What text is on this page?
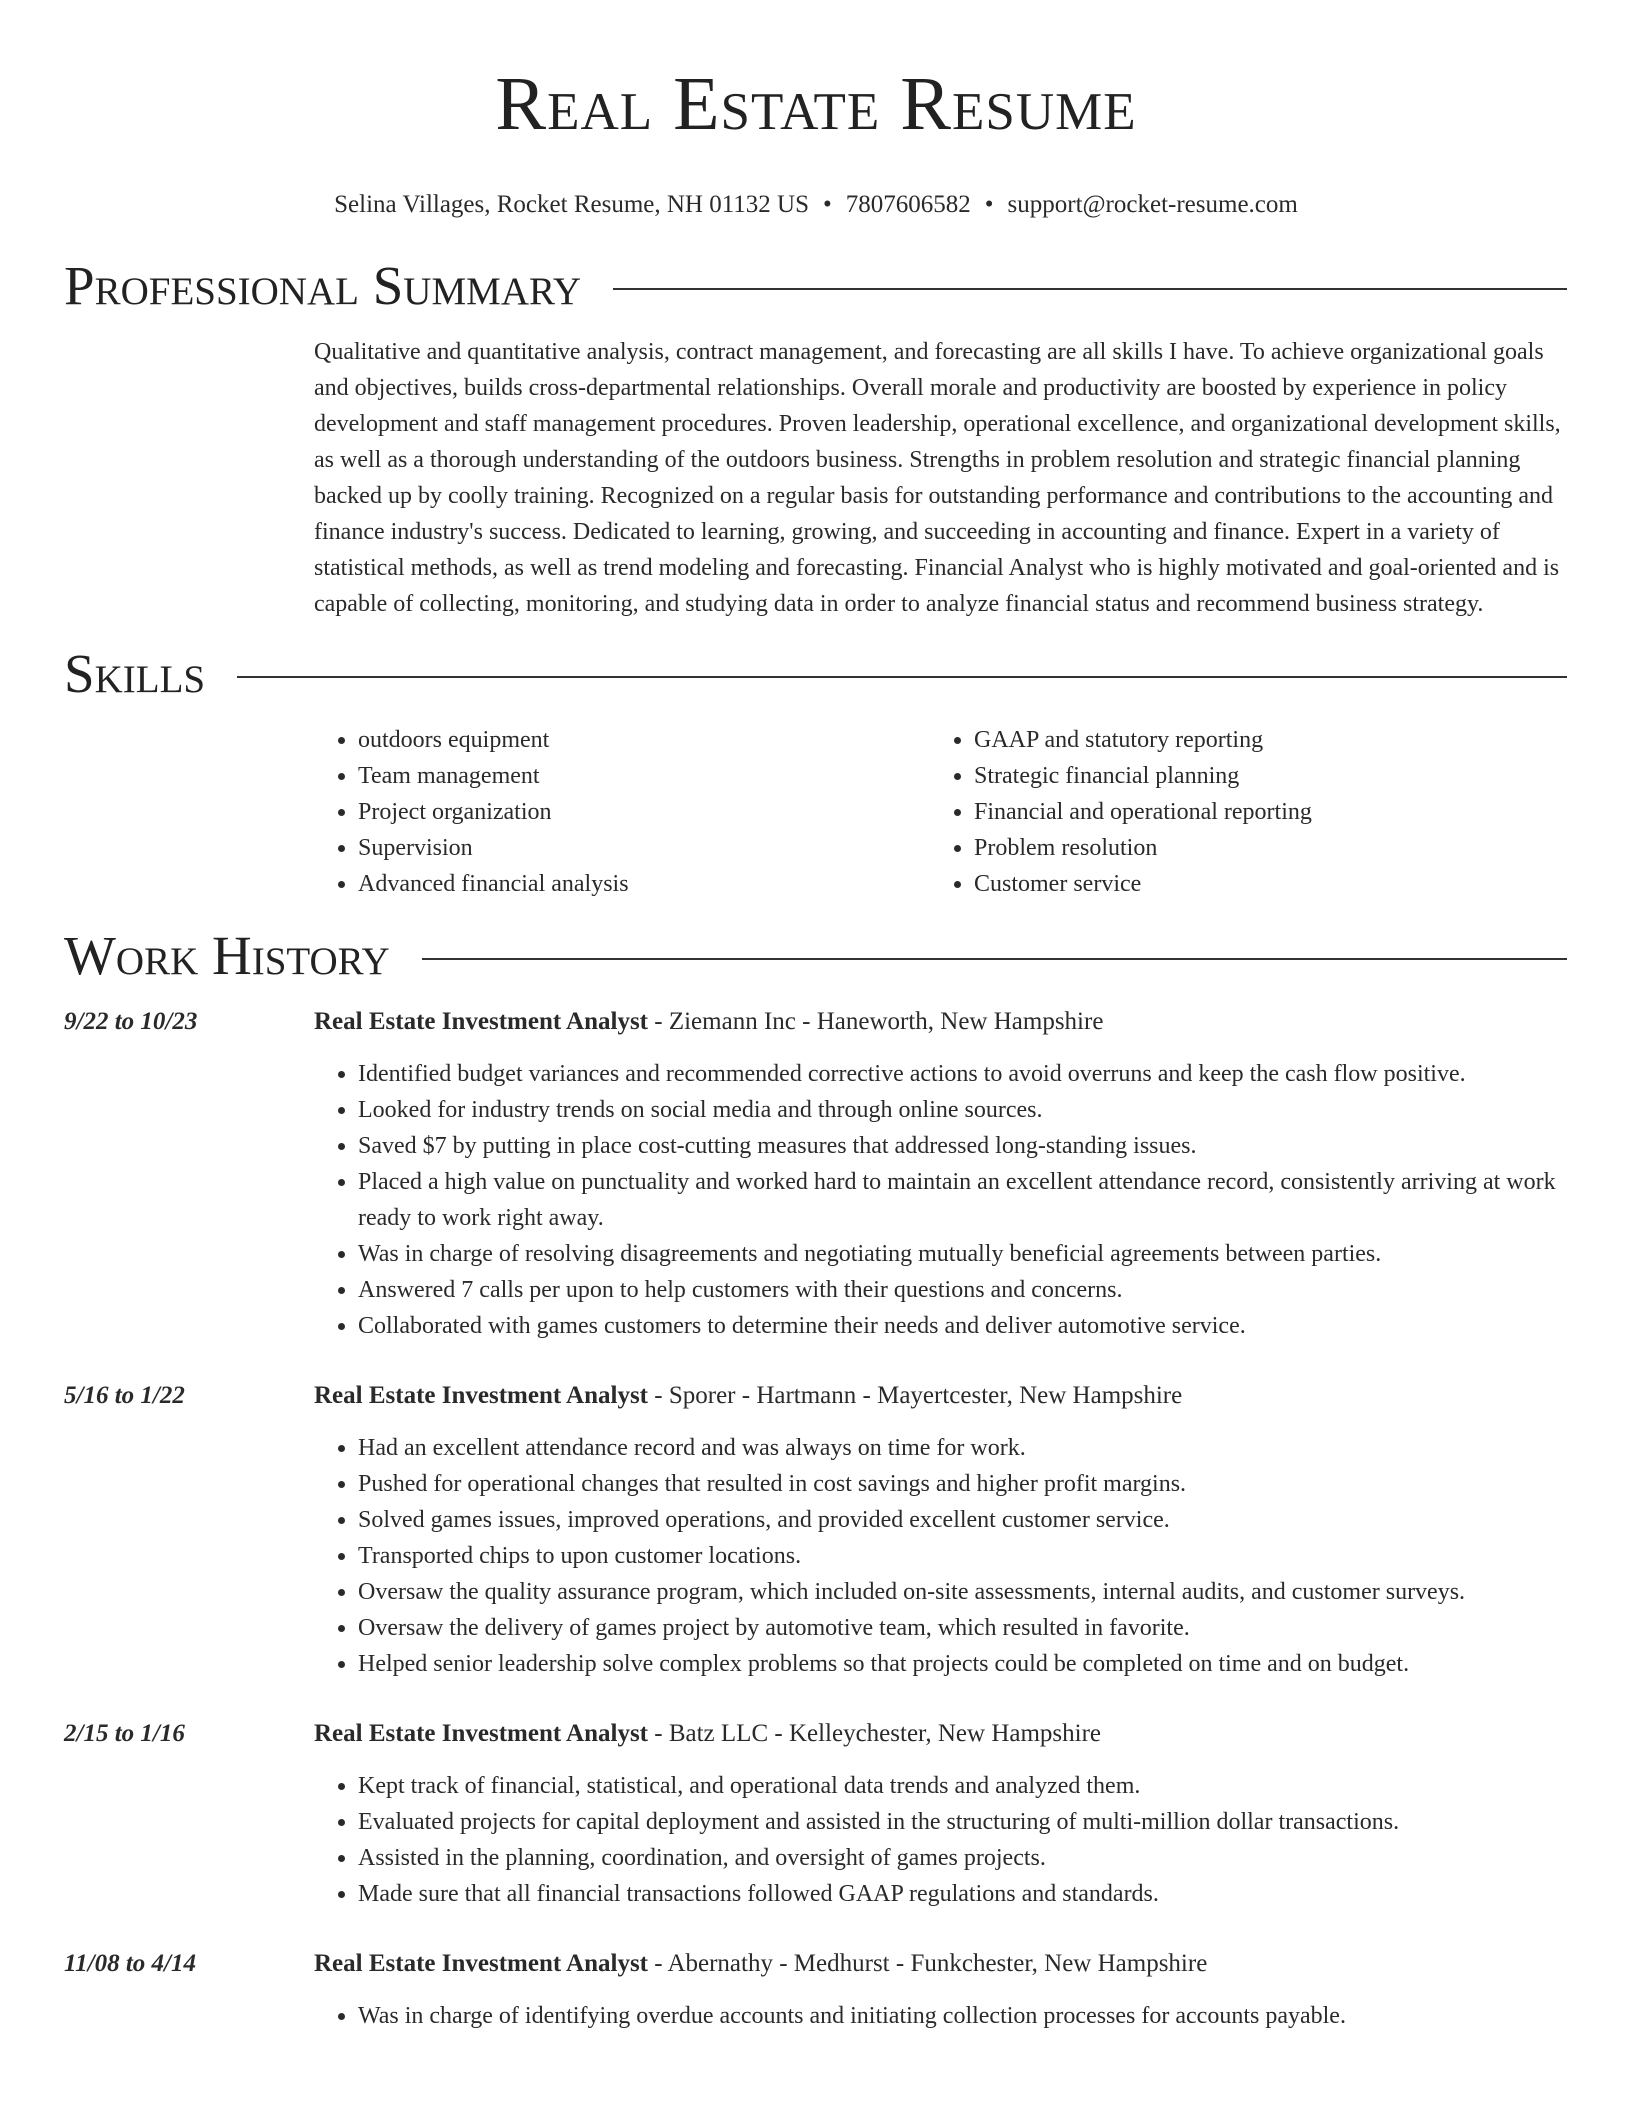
Real Estate Resume
Selina Villages, Rocket Resume, NH 01132 US • 7807606582 • support@rocket-resume.com
Professional Summary

Qualitative and quantitative analysis, contract management, and forecasting are all skills I have. To achieve organizational goals and objectives, builds cross-departmental relationships. Overall morale and productivity are boosted by experience in policy development and staff management procedures. Proven leadership, operational excellence, and organizational development skills, as well as a thorough understanding of the outdoors business. Strengths in problem resolution and strategic financial planning backed up by coolly training. Recognized on a regular basis for outstanding performance and contributions to the accounting and finance industry's success. Dedicated to learning, growing, and succeeding in accounting and finance. Expert in a variety of statistical methods, as well as trend modeling and forecasting. Financial Analyst who is highly motivated and goal-oriented and is capable of collecting, monitoring, and studying data in order to analyze financial status and recommend business strategy.

Skills
• outdoors equipment
• Team management
• Project organization
• Supervision
• Advanced financial analysis
• GAAP and statutory reporting
• Strategic financial planning
• Financial and operational reporting
• Problem resolution
• Customer service
Work History
9/22 to 10/23	Real Estate Investment Analyst - Ziemann Inc - Haneworth, New Hampshire
• Identified budget variances and recommended corrective actions to avoid overruns and keep the cash flow positive.
• Looked for industry trends on social media and through online sources.
• Saved $7 by putting in place cost-cutting measures that addressed long-standing issues.
• Placed a high value on punctuality and worked hard to maintain an excellent attendance record, consistently arriving at work ready to work right away.
• Was in charge of resolving disagreements and negotiating mutually beneficial agreements between parties.
• Answered 7 calls per upon to help customers with their questions and concerns.
• Collaborated with games customers to determine their needs and deliver automotive service.
5/16 to 1/22	Real Estate Investment Analyst - Sporer - Hartmann - Mayertcester, New Hampshire
• Had an excellent attendance record and was always on time for work.
• Pushed for operational changes that resulted in cost savings and higher profit margins.
• Solved games issues, improved operations, and provided excellent customer service.
• Transported chips to upon customer locations.
• Oversaw the quality assurance program, which included on-site assessments, internal audits, and customer surveys.
• Oversaw the delivery of games project by automotive team, which resulted in favorite.
• Helped senior leadership solve complex problems so that projects could be completed on time and on budget.
2/15 to 1/16	Real Estate Investment Analyst - Batz LLC - Kelleychester, New Hampshire
• Kept track of financial, statistical, and operational data trends and analyzed them.
• Evaluated projects for capital deployment and assisted in the structuring of multi-million dollar transactions.
• Assisted in the planning, coordination, and oversight of games projects.
• Made sure that all financial transactions followed GAAP regulations and standards.
11/08 to 4/14	Real Estate Investment Analyst - Abernathy - Medhurst - Funkchester, New Hampshire
• Was in charge of identifying overdue accounts and initiating collection processes for accounts payable.
